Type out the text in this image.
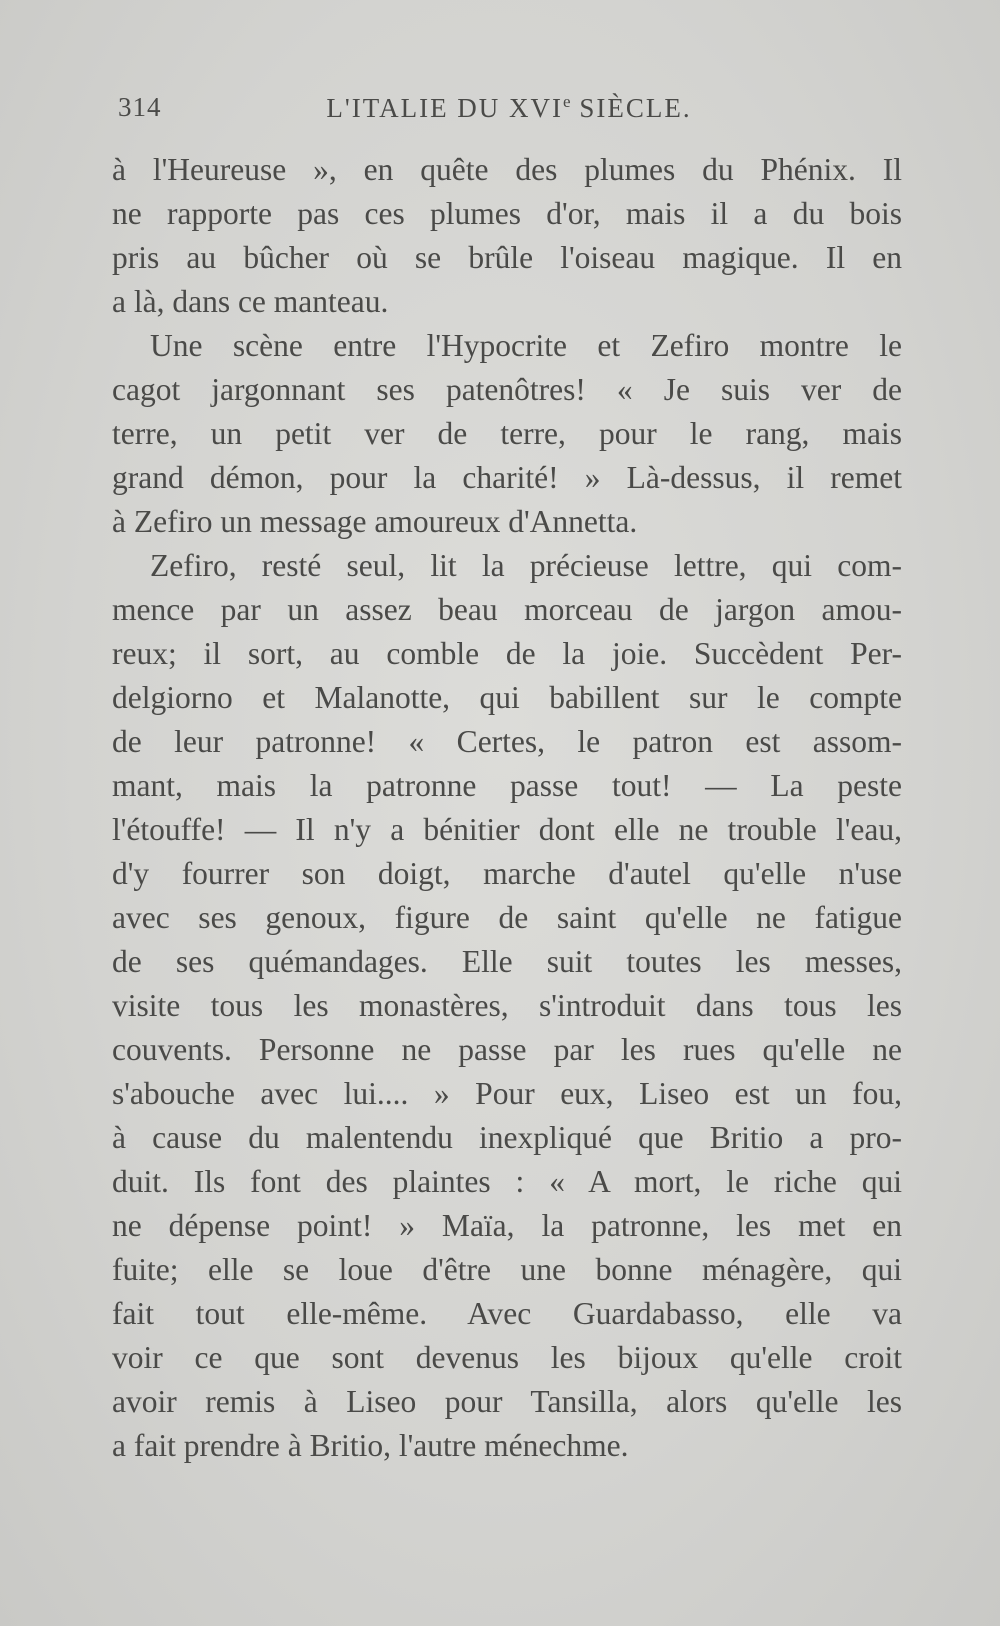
314	L'ITALIE DU XVIe SIÈCLE.
à l'Heureuse », en quête des plumes du Phénix. Il
ne rapporte pas ces plumes d'or, mais il a du bois
pris au bûcher où se brûle l'oiseau magique. Il en
a là, dans ce manteau.
Une scène entre l'Hypocrite et Zefiro montre le
cagot jargonnant ses patenôtres! « Je suis ver de
terre, un petit ver de terre, pour le rang, mais
grand démon, pour la charité! » Là-dessus, il remet
à Zefiro un message amoureux d'Annetta.
Zefiro, resté seul, lit la précieuse lettre, qui com-
mence par un assez beau morceau de jargon amou-
reux; il sort, au comble de la joie. Succèdent Per-
delgiorno et Malanotte, qui babillent sur le compte
de leur patronne! « Certes, le patron est assom-
mant, mais la patronne passe tout! — La peste
l'étouffe! — Il n'y a bénitier dont elle ne trouble l'eau,
d'y fourrer son doigt, marche d'autel qu'elle n'use
avec ses genoux, figure de saint qu'elle ne fatigue
de ses quémandages. Elle suit toutes les messes,
visite tous les monastères, s'introduit dans tous les
couvents. Personne ne passe par les rues qu'elle ne
s'abouche avec lui.... » Pour eux, Liseo est un fou,
à cause du malentendu inexpliqué que Britio a pro-
duit. Ils font des plaintes : « A mort, le riche qui
ne dépense point! » Maïa, la patronne, les met en
fuite; elle se loue d'être une bonne ménagère, qui
fait tout elle-même. Avec Guardabasso, elle va
voir ce que sont devenus les bijoux qu'elle croit
avoir remis à Liseo pour Tansilla, alors qu'elle les
a fait prendre à Britio, l'autre ménechme.
